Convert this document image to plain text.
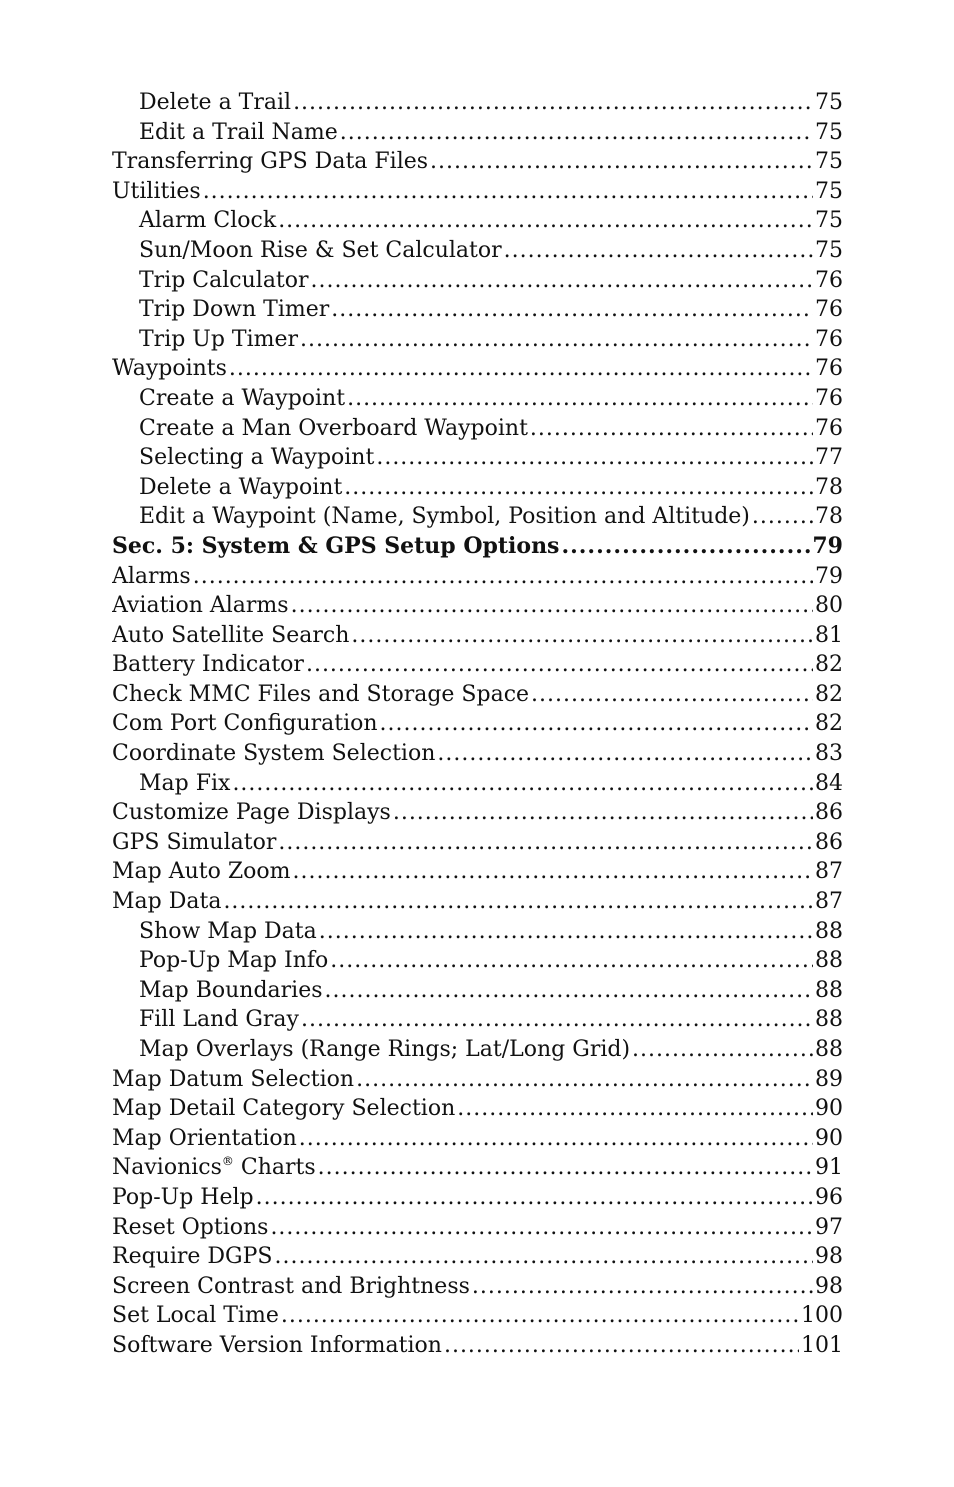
Delete a Trail .....	75
Edit a Trail Name .....	75
Transferring GPS Data Files .....	75
Utilities .....	75
Alarm Clock .....	75
Sun/Moon Rise & Set Calculator .....	75
Trip Calculator .....	76
Trip Down Timer .....	76
Trip Up Timer .....	76
Waypoints .....	76
Create a Waypoint .....	76
Create a Man Overboard Waypoint .....	76
Selecting a Waypoint .....	77
Delete a Waypoint .....	78
Edit a Waypoint (Name, Symbol, Position and Altitude) .....	78
Sec. 5: System & GPS Setup Options .....	79
Alarms .....	79
Aviation Alarms .....	80
Auto Satellite Search .....	81
Battery Indicator .....	82
Check MMC Files and Storage Space .....	82
Com Port Configuration .....	82
Coordinate System Selection .....	83
Map Fix .....	84
Customize Page Displays .....	86
GPS Simulator .....	86
Map Auto Zoom .....	87
Map Data .....	87
Show Map Data .....	88
Pop-Up Map Info .....	88
Map Boundaries .....	88
Fill Land Gray .....	88
Map Overlays (Range Rings; Lat/Long Grid) .....	88
Map Datum Selection .....	89
Map Detail Category Selection .....	90
Map Orientation .....	90
Navionics® Charts .....	91
Pop-Up Help .....	96
Reset Options .....	97
Require DGPS .....	98
Screen Contrast and Brightness .....	98
Set Local Time .....	100
Software Version Information .....	101
